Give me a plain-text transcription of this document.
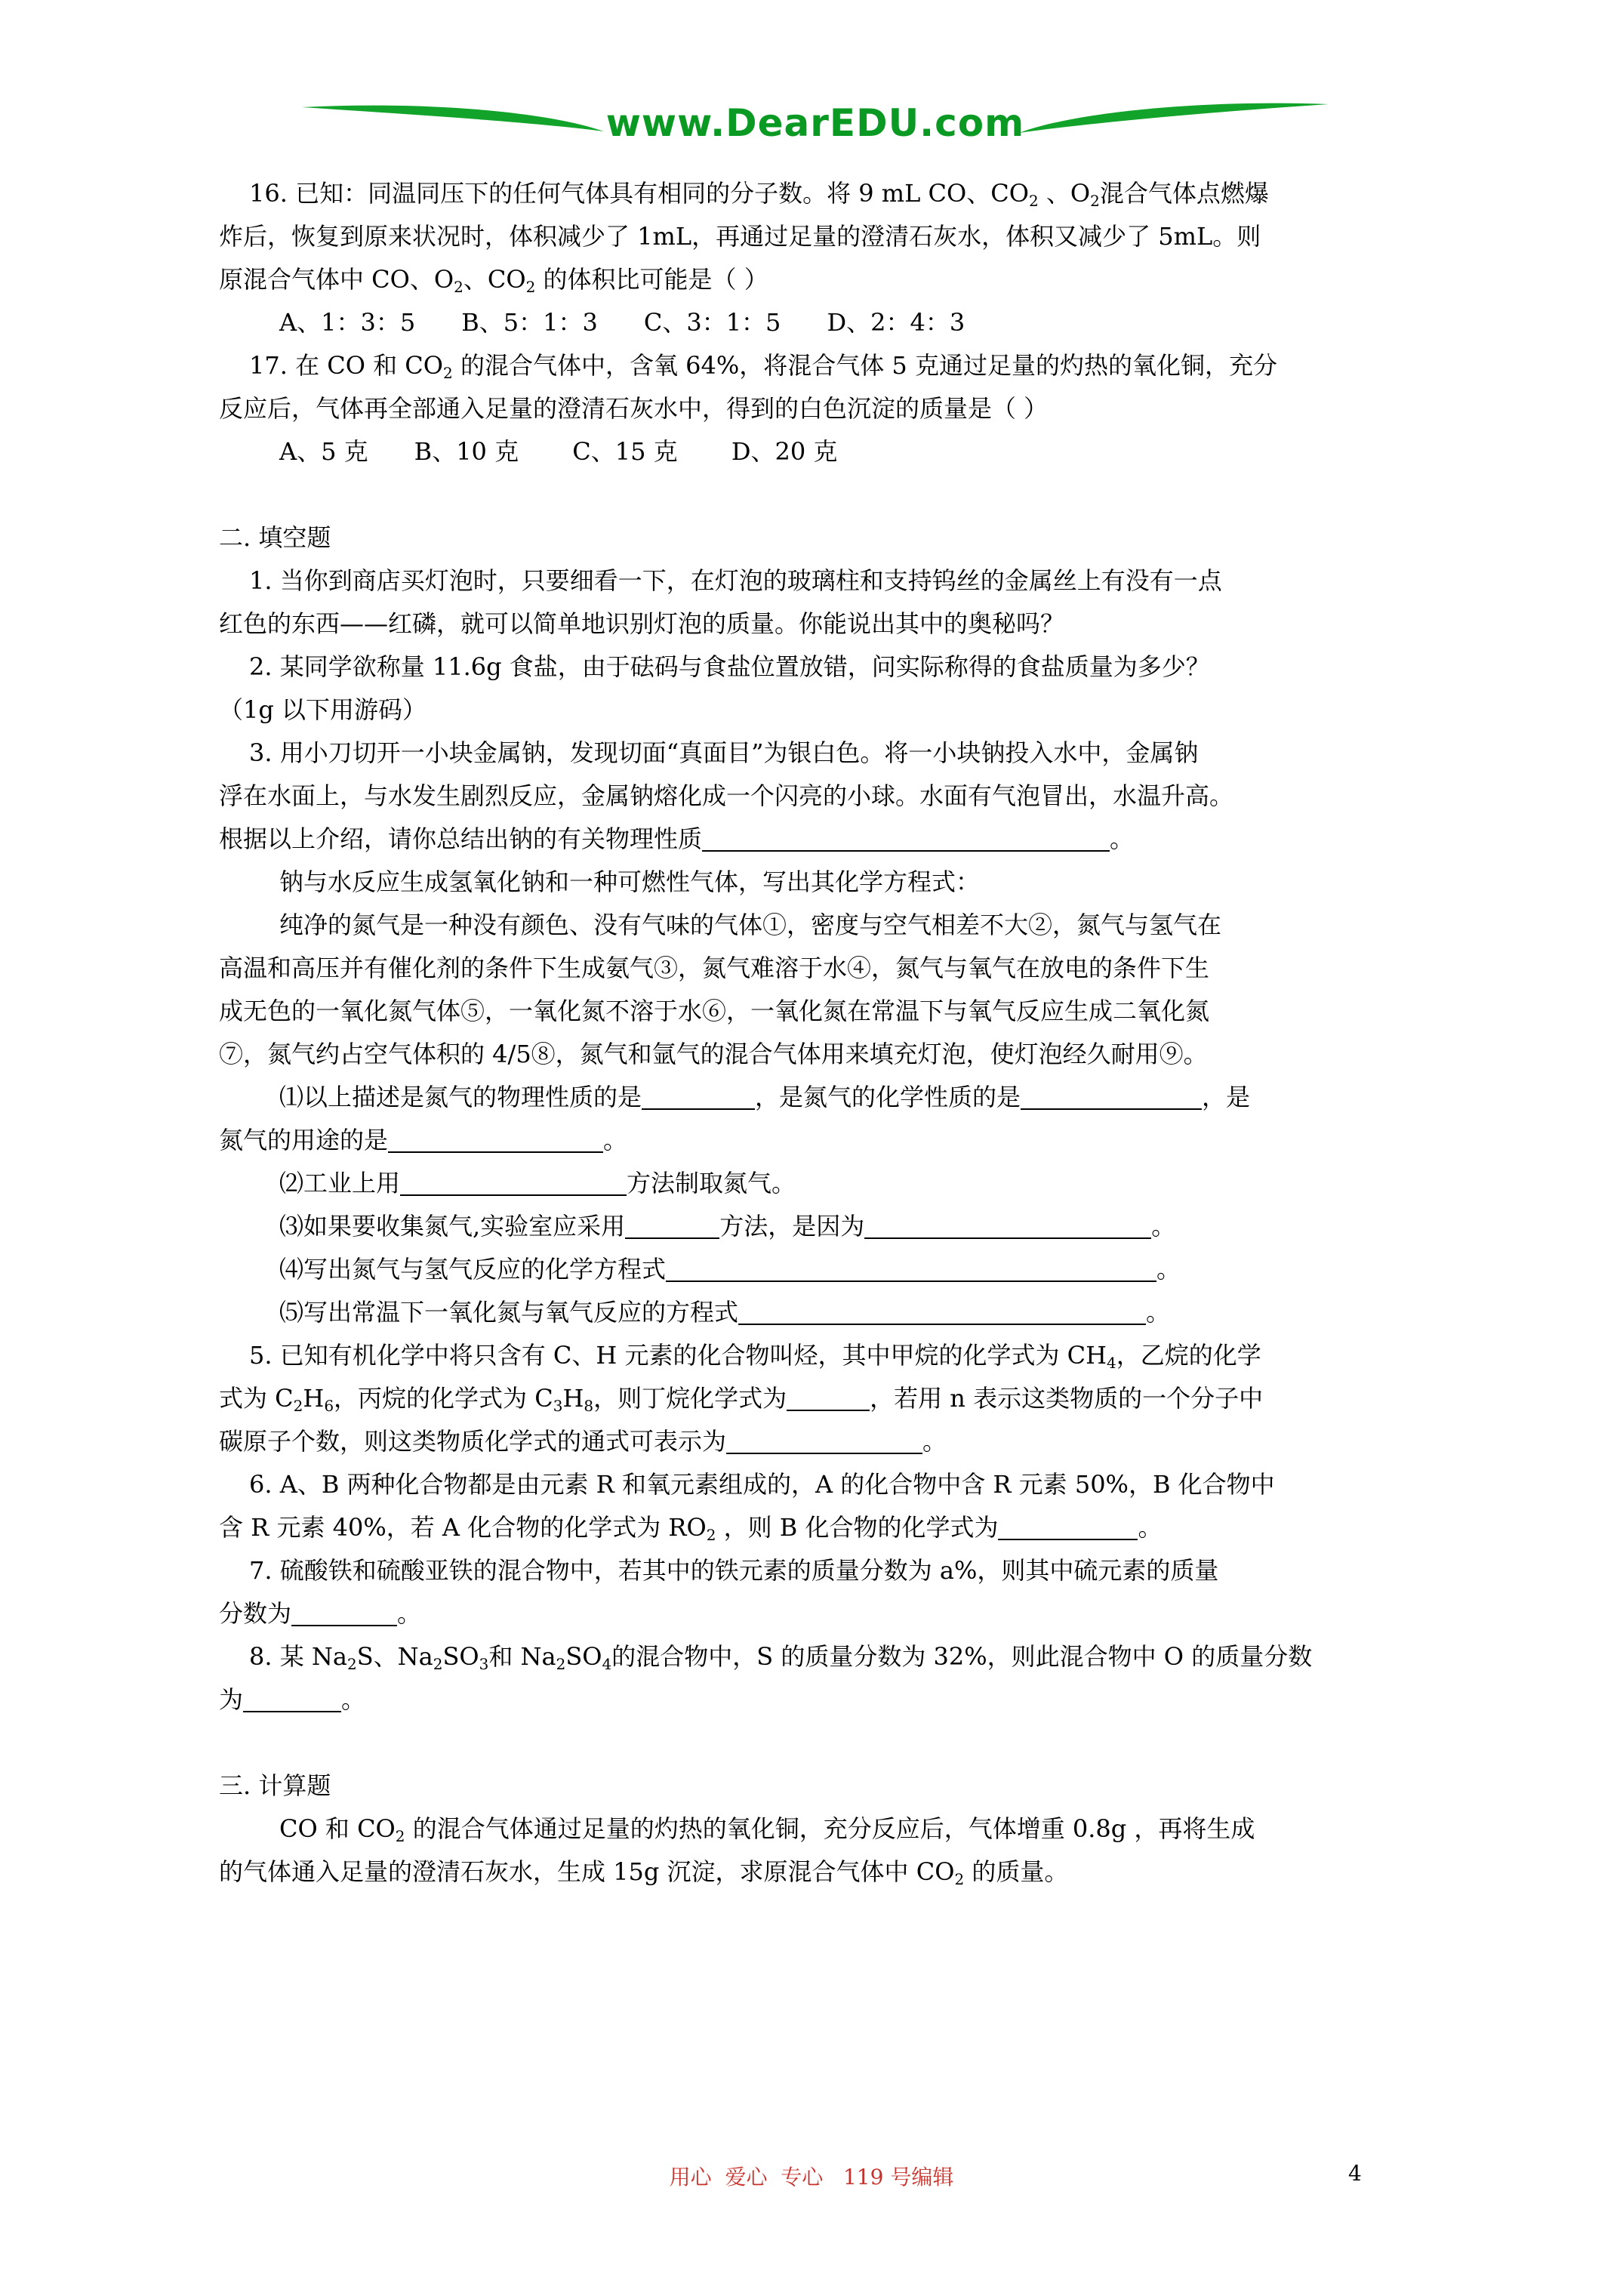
www.DearEDU.com

16. 已知：同温同压下的任何气体具有相同的分子数。将 9 mL CO、$CO_2$ 、$O_2$混合气体点燃爆

炸后，恢复到原来状况时，体积减少了 1mL，再通过足量的澄清石灰水，体积又减少了 5mL。则

原混合气体中 CO、$O_2$、$CO_2$ 的体积比可能是（ ）

A、1：3：5      B、5：1：3      C、3：1：5      D、2：4：3

17. 在 CO 和 $CO_2$ 的混合气体中，含氧 64%，将混合气体 5 克通过足量的灼热的氧化铜，充分

反应后，气体再全部通入足量的澄清石灰水中，得到的白色沉淀的质量是（ ）

A、5 克      B、10 克       C、15 克       D、20 克

二. 填空题

1. 当你到商店买灯泡时，只要细看一下，在灯泡的玻璃柱和支持钨丝的金属丝上有没有一点

红色的东西——红磷，就可以简单地识别灯泡的质量。你能说出其中的奥秘吗？

2. 某同学欲称量 11.6g 食盐，由于砝码与食盐位置放错，问实际称得的食盐质量为多少？

（1g 以下用游码）

3. 用小刀切开一小块金属钠，发现切面“真面目”为银白色。将一小块钠投入水中，金属钠

浮在水面上，与水发生剧烈反应，金属钠熔化成一个闪亮的小球。水面有气泡冒出，水温升高。

根据以上介绍，请你总结出钠的有关物理性质	。

钠与水反应生成氢氧化钠和一种可燃性气体，写出其化学方程式：

纯净的氮气是一种没有颜色、没有气味的气体①，密度与空气相差不大②，氮气与氢气在

高温和高压并有催化剂的条件下生成氨气③，氮气难溶于水④，氮气与氧气在放电的条件下生

成无色的一氧化氮气体⑤，一氧化氮不溶于水⑥，一氧化氮在常温下与氧气反应生成二氧化氮

⑦，氮气约占空气体积的 4/5⑧，氮气和氩气的混合气体用来填充灯泡，使灯泡经久耐用⑨。

⑴以上描述是氮气的物理性质的是	，是氮气的化学性质的是	，是

氮气的用途的是	。

⑵工业上用	方法制取氮气。

⑶如果要收集氮气,实验室应采用	方法，是因为	。

⑷写出氮气与氢气反应的化学方程式	。

⑸写出常温下一氧化氮与氧气反应的方程式	。

5. 已知有机化学中将只含有 C、H 元素的化合物叫烃，其中甲烷的化学式为 $CH_4$，乙烷的化学

式为 $C_2H_6$，丙烷的化学式为 $C_3H_8$，则丁烷化学式为	，若用 n 表示这类物质的一个分子中

碳原子个数，则这类物质化学式的通式可表示为	。

6. A、B 两种化合物都是由元素 R 和氧元素组成的，A 的化合物中含 R 元素 50%，B 化合物中

含 R 元素 40%，若 A 化合物的化学式为 $RO_2$ ，则 B 化合物的化学式为	。

7. 硫酸铁和硫酸亚铁的混合物中，若其中的铁元素的质量分数为 a%，则其中硫元素的质量

分数为	。

8. 某 $Na_2S$、$Na_2SO_3$和 $Na_2SO_4$的混合物中，S 的质量分数为 32%，则此混合物中 O 的质量分数

为	。

三. 计算题

CO 和 $CO_2$ 的混合气体通过足量的灼热的氧化铜，充分反应后，气体增重 0.8g ，再将生成

的气体通入足量的澄清石灰水，生成 15g 沉淀，求原混合气体中 $CO_2$ 的质量。

用心  爱心  专心   119 号编辑	4
